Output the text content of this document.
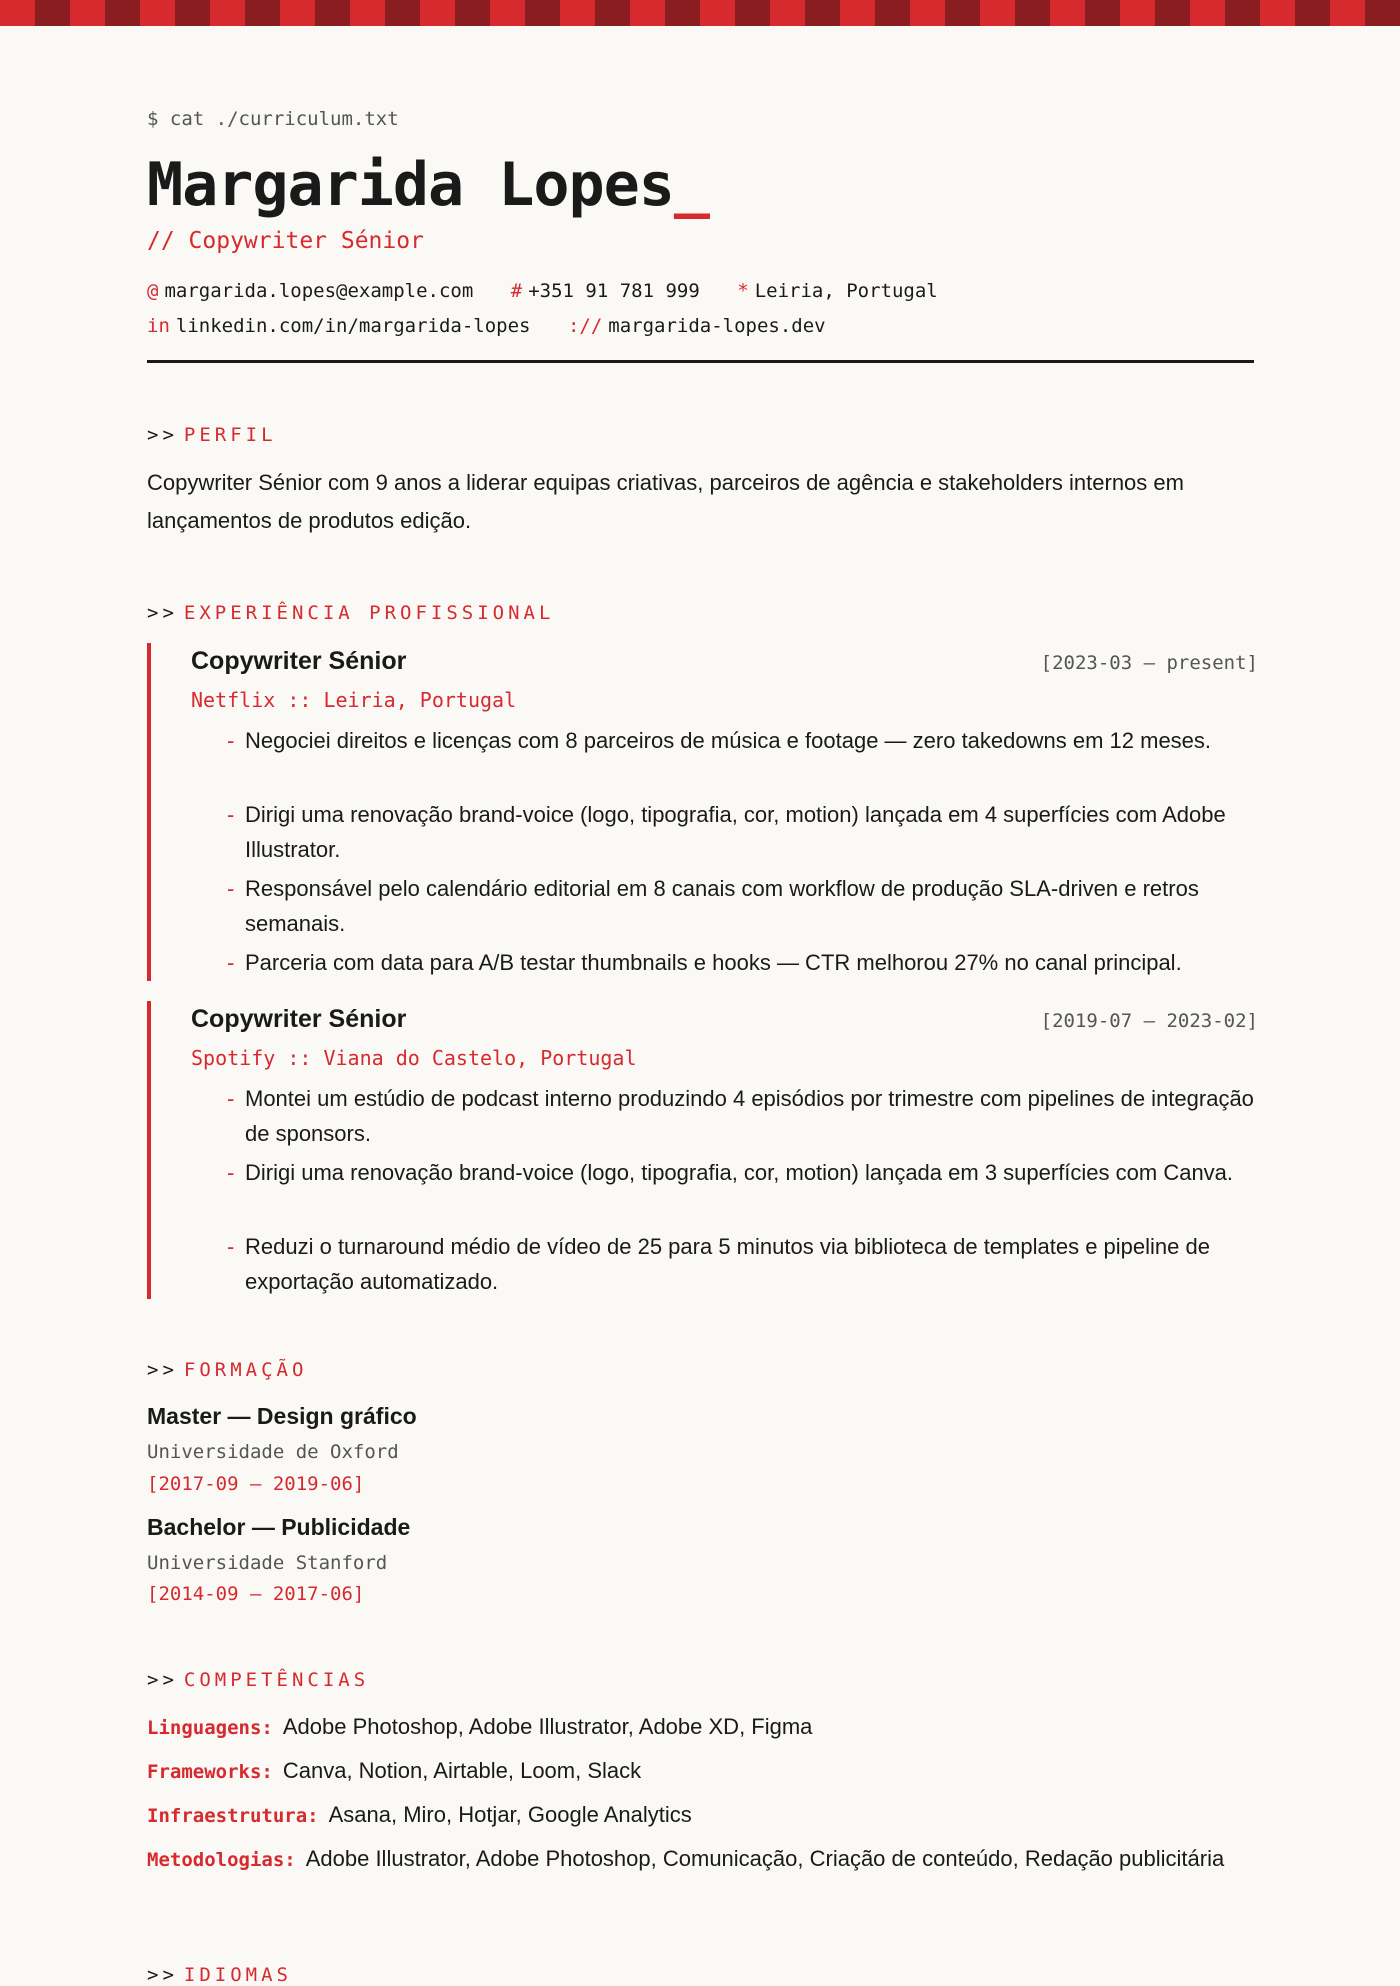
$ cat ./curriculum.txt
Margarida Lopes_
// Copywriter Sénior
@ margarida.lopes@example.com # +351 91 781 999 * Leiria, Portugal
in linkedin.com/in/margarida-lopes :// margarida-lopes.dev
>> PERFIL
Copywriter Sénior com 9 anos a liderar equipas criativas, parceiros de agência e stakeholders internos em lançamentos de produtos edição.
>> EXPERIÊNCIA PROFISSIONAL
Copywriter Sénior	[2023-03 — present]
Netflix :: Leiria, Portugal
- Negociei direitos e licenças com 8 parceiros de música e footage — zero takedowns em 12 meses.
- Dirigi uma renovação brand-voice (logo, tipografia, cor, motion) lançada em 4 superfícies com Adobe Illustrator.
- Responsável pelo calendário editorial em 8 canais com workflow de produção SLA-driven e retros semanais.
- Parceria com data para A/B testar thumbnails e hooks — CTR melhorou 27% no canal principal.
Copywriter Sénior	[2019-07 — 2023-02]
Spotify :: Viana do Castelo, Portugal
- Montei um estúdio de podcast interno produzindo 4 episódios por trimestre com pipelines de integração de sponsors.
- Dirigi uma renovação brand-voice (logo, tipografia, cor, motion) lançada em 3 superfícies com Canva.
- Reduzi o turnaround médio de vídeo de 25 para 5 minutos via biblioteca de templates e pipeline de exportação automatizado.
>> FORMAÇÃO
Master — Design gráfico
Universidade de Oxford
[2017-09 – 2019-06]
Bachelor — Publicidade
Universidade Stanford
[2014-09 – 2017-06]
>> COMPETÊNCIAS
Linguagens: Adobe Photoshop, Adobe Illustrator, Adobe XD, Figma
Frameworks: Canva, Notion, Airtable, Loom, Slack
Infraestrutura: Asana, Miro, Hotjar, Google Analytics
Metodologias: Adobe Illustrator, Adobe Photoshop, Comunicação, Criação de conteúdo, Redação publicitária
>> IDIOMAS
